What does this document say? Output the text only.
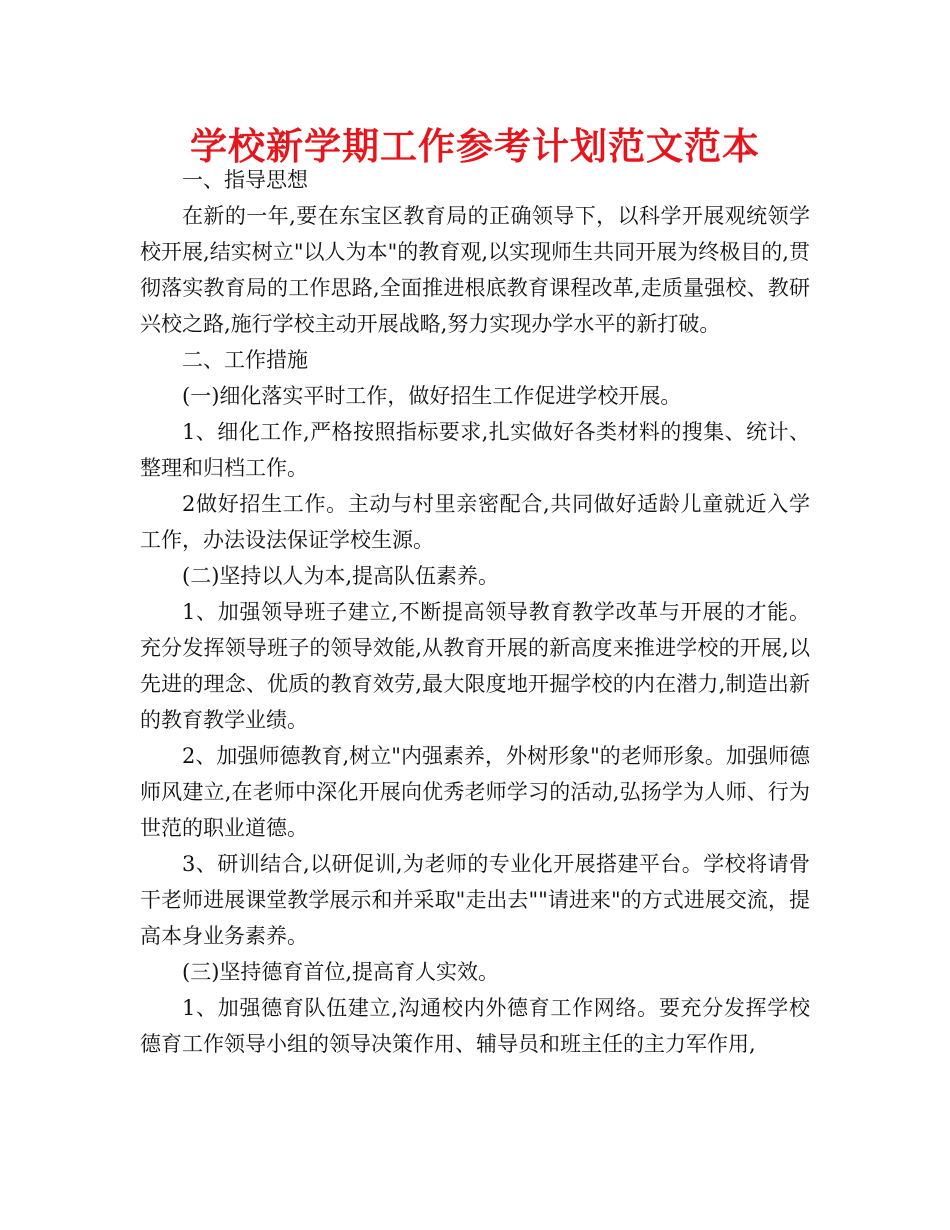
学校新学期工作参考计划范文范本

一、指导思想

在新的一年,要在东宝区教育局的正确领导下，以科学开展观统领学校开展,结实树立"以人为本"的教育观,以实现师生共同开展为终极目的,贯彻落实教育局的工作思路,全面推进根底教育课程改革,走质量强校、教研兴校之路,施行学校主动开展战略,努力实现办学水平的新打破。

二、工作措施

(一)细化落实平时工作，做好招生工作促进学校开展。

1、细化工作,严格按照指标要求,扎实做好各类材料的搜集、统计、整理和归档工作。

2做好招生工作。主动与村里亲密配合,共同做好适龄儿童就近入学工作，办法设法保证学校生源。

(二)坚持以人为本,提高队伍素养。

1、加强领导班子建立,不断提高领导教育教学改革与开展的才能。充分发挥领导班子的领导效能,从教育开展的新高度来推进学校的开展,以先进的理念、优质的教育效劳,最大限度地开掘学校的内在潜力,制造出新的教育教学业绩。

2、加强师德教育,树立"内强素养，外树形象"的老师形象。加强师德师风建立,在老师中深化开展向优秀老师学习的活动,弘扬学为人师、行为世范的职业道德。

3、研训结合,以研促训,为老师的专业化开展搭建平台。学校将请骨干老师进展课堂教学展示和并采取"走出去""请进来"的方式进展交流，提高本身业务素养。

(三)坚持德育首位,提高育人实效。

1、加强德育队伍建立,沟通校内外德育工作网络。要充分发挥学校德育工作领导小组的领导决策作用、辅导员和班主任的主力军作用,
